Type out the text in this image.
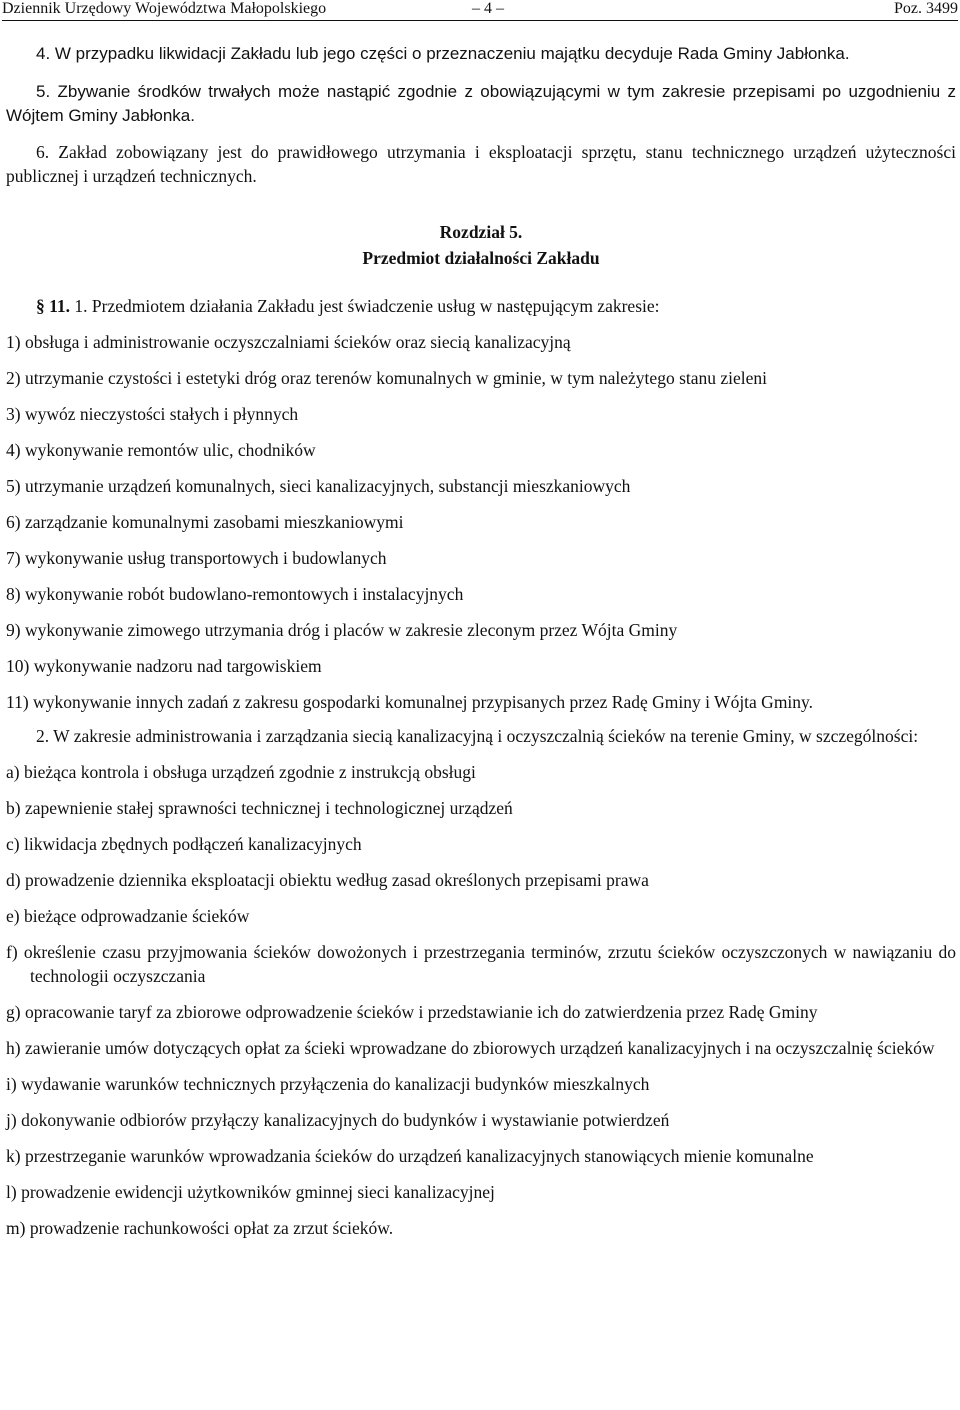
Dziennik Urzędowy Województwa Małopolskiego	– 4 –	Poz. 3499

4. W przypadku likwidacji Zakładu lub jego części o przeznaczeniu majątku decyduje Rada Gminy Jabłonka.

5. Zbywanie środków trwałych może nastąpić zgodnie z obowiązującymi w tym zakresie przepisami po uzgodnieniu z Wójtem Gminy Jabłonka.

6. Zakład zobowiązany jest do prawidłowego utrzymania i eksploatacji sprzętu, stanu technicznego urządzeń użyteczności publicznej i urządzeń technicznych.

Rozdział 5.

Przedmiot działalności Zakładu

§ 11. 1. Przedmiotem działania Zakładu jest świadczenie usług w następującym zakresie:

1) obsługa i administrowanie oczyszczalniami ścieków oraz siecią kanalizacyjną

2) utrzymanie czystości i estetyki dróg oraz terenów komunalnych w gminie, w tym należytego stanu zieleni

3) wywóz nieczystości stałych i płynnych

4) wykonywanie remontów ulic, chodników

5) utrzymanie urządzeń komunalnych, sieci kanalizacyjnych, substancji mieszkaniowych

6) zarządzanie komunalnymi zasobami mieszkaniowymi

7) wykonywanie usług transportowych i budowlanych

8) wykonywanie robót budowlano-remontowych i instalacyjnych

9) wykonywanie zimowego utrzymania dróg i placów w zakresie zleconym przez Wójta Gminy

10) wykonywanie nadzoru nad targowiskiem

11) wykonywanie innych zadań z zakresu gospodarki komunalnej przypisanych przez Radę Gminy i Wójta Gminy.

2. W zakresie administrowania i zarządzania siecią kanalizacyjną i oczyszczalnią ścieków na terenie Gminy, w szczególności:

a) bieżąca kontrola i obsługa urządzeń zgodnie z instrukcją obsługi

b) zapewnienie stałej sprawności technicznej i technologicznej urządzeń

c) likwidacja zbędnych podłączeń kanalizacyjnych

d) prowadzenie dziennika eksploatacji obiektu według zasad określonych przepisami prawa

e) bieżące odprowadzanie ścieków

f) określenie czasu przyjmowania ścieków dowożonych i przestrzegania terminów, zrzutu ścieków oczyszczonych w nawiązaniu do technologii oczyszczania

g) opracowanie taryf za zbiorowe odprowadzenie ścieków i przedstawianie ich do zatwierdzenia przez Radę Gminy

h) zawieranie umów dotyczących opłat za ścieki wprowadzane do zbiorowych urządzeń kanalizacyjnych i na oczyszczalnię ścieków

i) wydawanie warunków technicznych przyłączenia do kanalizacji budynków mieszkalnych

j) dokonywanie odbiorów przyłączy kanalizacyjnych do budynków i wystawianie potwierdzeń

k) przestrzeganie warunków wprowadzania ścieków do urządzeń kanalizacyjnych stanowiących mienie komunalne

l) prowadzenie ewidencji użytkowników gminnej sieci kanalizacyjnej

m) prowadzenie rachunkowości opłat za zrzut ścieków.
